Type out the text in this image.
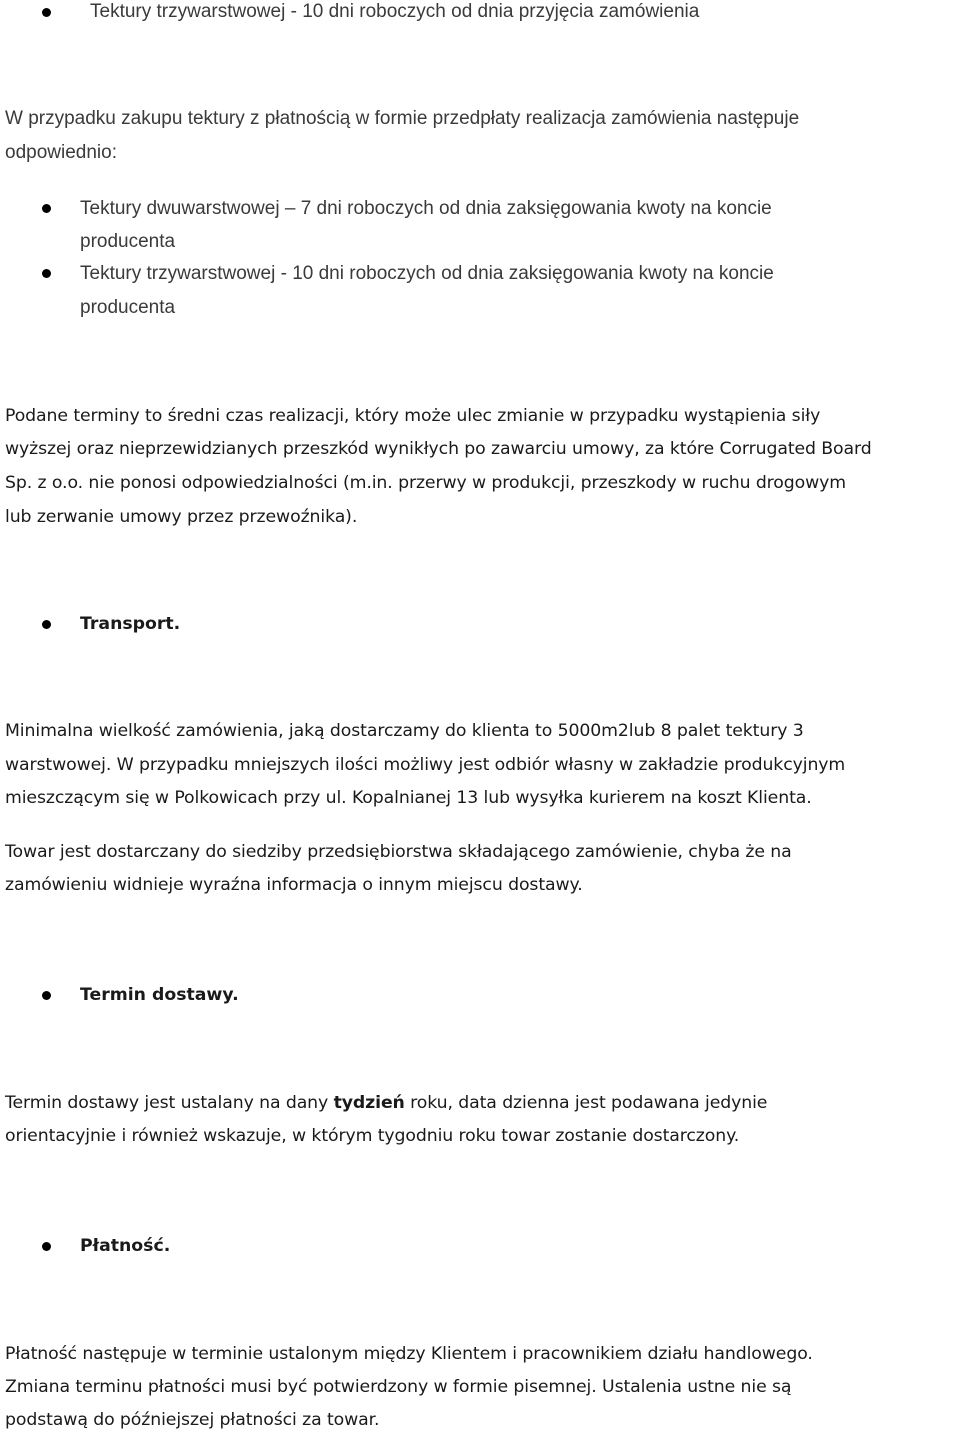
Tektury trzywarstwowej - 10 dni roboczych od dnia przyjęcia zamówienia
W przypadku zakupu tektury z płatnością w formie przedpłaty realizacja zamówienia następuje
odpowiednio:
Tektury dwuwarstwowej – 7 dni roboczych od dnia zaksięgowania kwoty na koncie
producenta
Tektury trzywarstwowej - 10 dni roboczych od dnia zaksięgowania kwoty na koncie
producenta
Podane terminy to średni czas realizacji, który może ulec zmianie w przypadku wystąpienia siły
wyższej oraz nieprzewidzianych przeszkód wynikłych po zawarciu umowy, za które Corrugated Board
Sp. z o.o. nie ponosi odpowiedzialności (m.in. przerwy w produkcji, przeszkody w ruchu drogowym
lub zerwanie umowy przez przewoźnika).
Transport.
Minimalna wielkość zamówienia, jaką dostarczamy do klienta to 5000m2lub 8 palet tektury 3
warstwowej. W przypadku mniejszych ilości możliwy jest odbiór własny w zakładzie produkcyjnym
mieszczącym się w Polkowicach przy ul. Kopalnianej 13 lub wysyłka kurierem na koszt Klienta.
Towar jest dostarczany do siedziby przedsiębiorstwa składającego zamówienie, chyba że na
zamówieniu widnieje wyraźna informacja o innym miejscu dostawy.
Termin dostawy.
Termin dostawy jest ustalany na dany tydzień roku, data dzienna jest podawana jedynie
orientacyjnie i również wskazuje, w którym tygodniu roku towar zostanie dostarczony.
Płatność.
Płatność następuje w terminie ustalonym między Klientem i pracownikiem działu handlowego.
Zmiana terminu płatności musi być potwierdzony w formie pisemnej. Ustalenia ustne nie są
podstawą do późniejszej płatności za towar.
